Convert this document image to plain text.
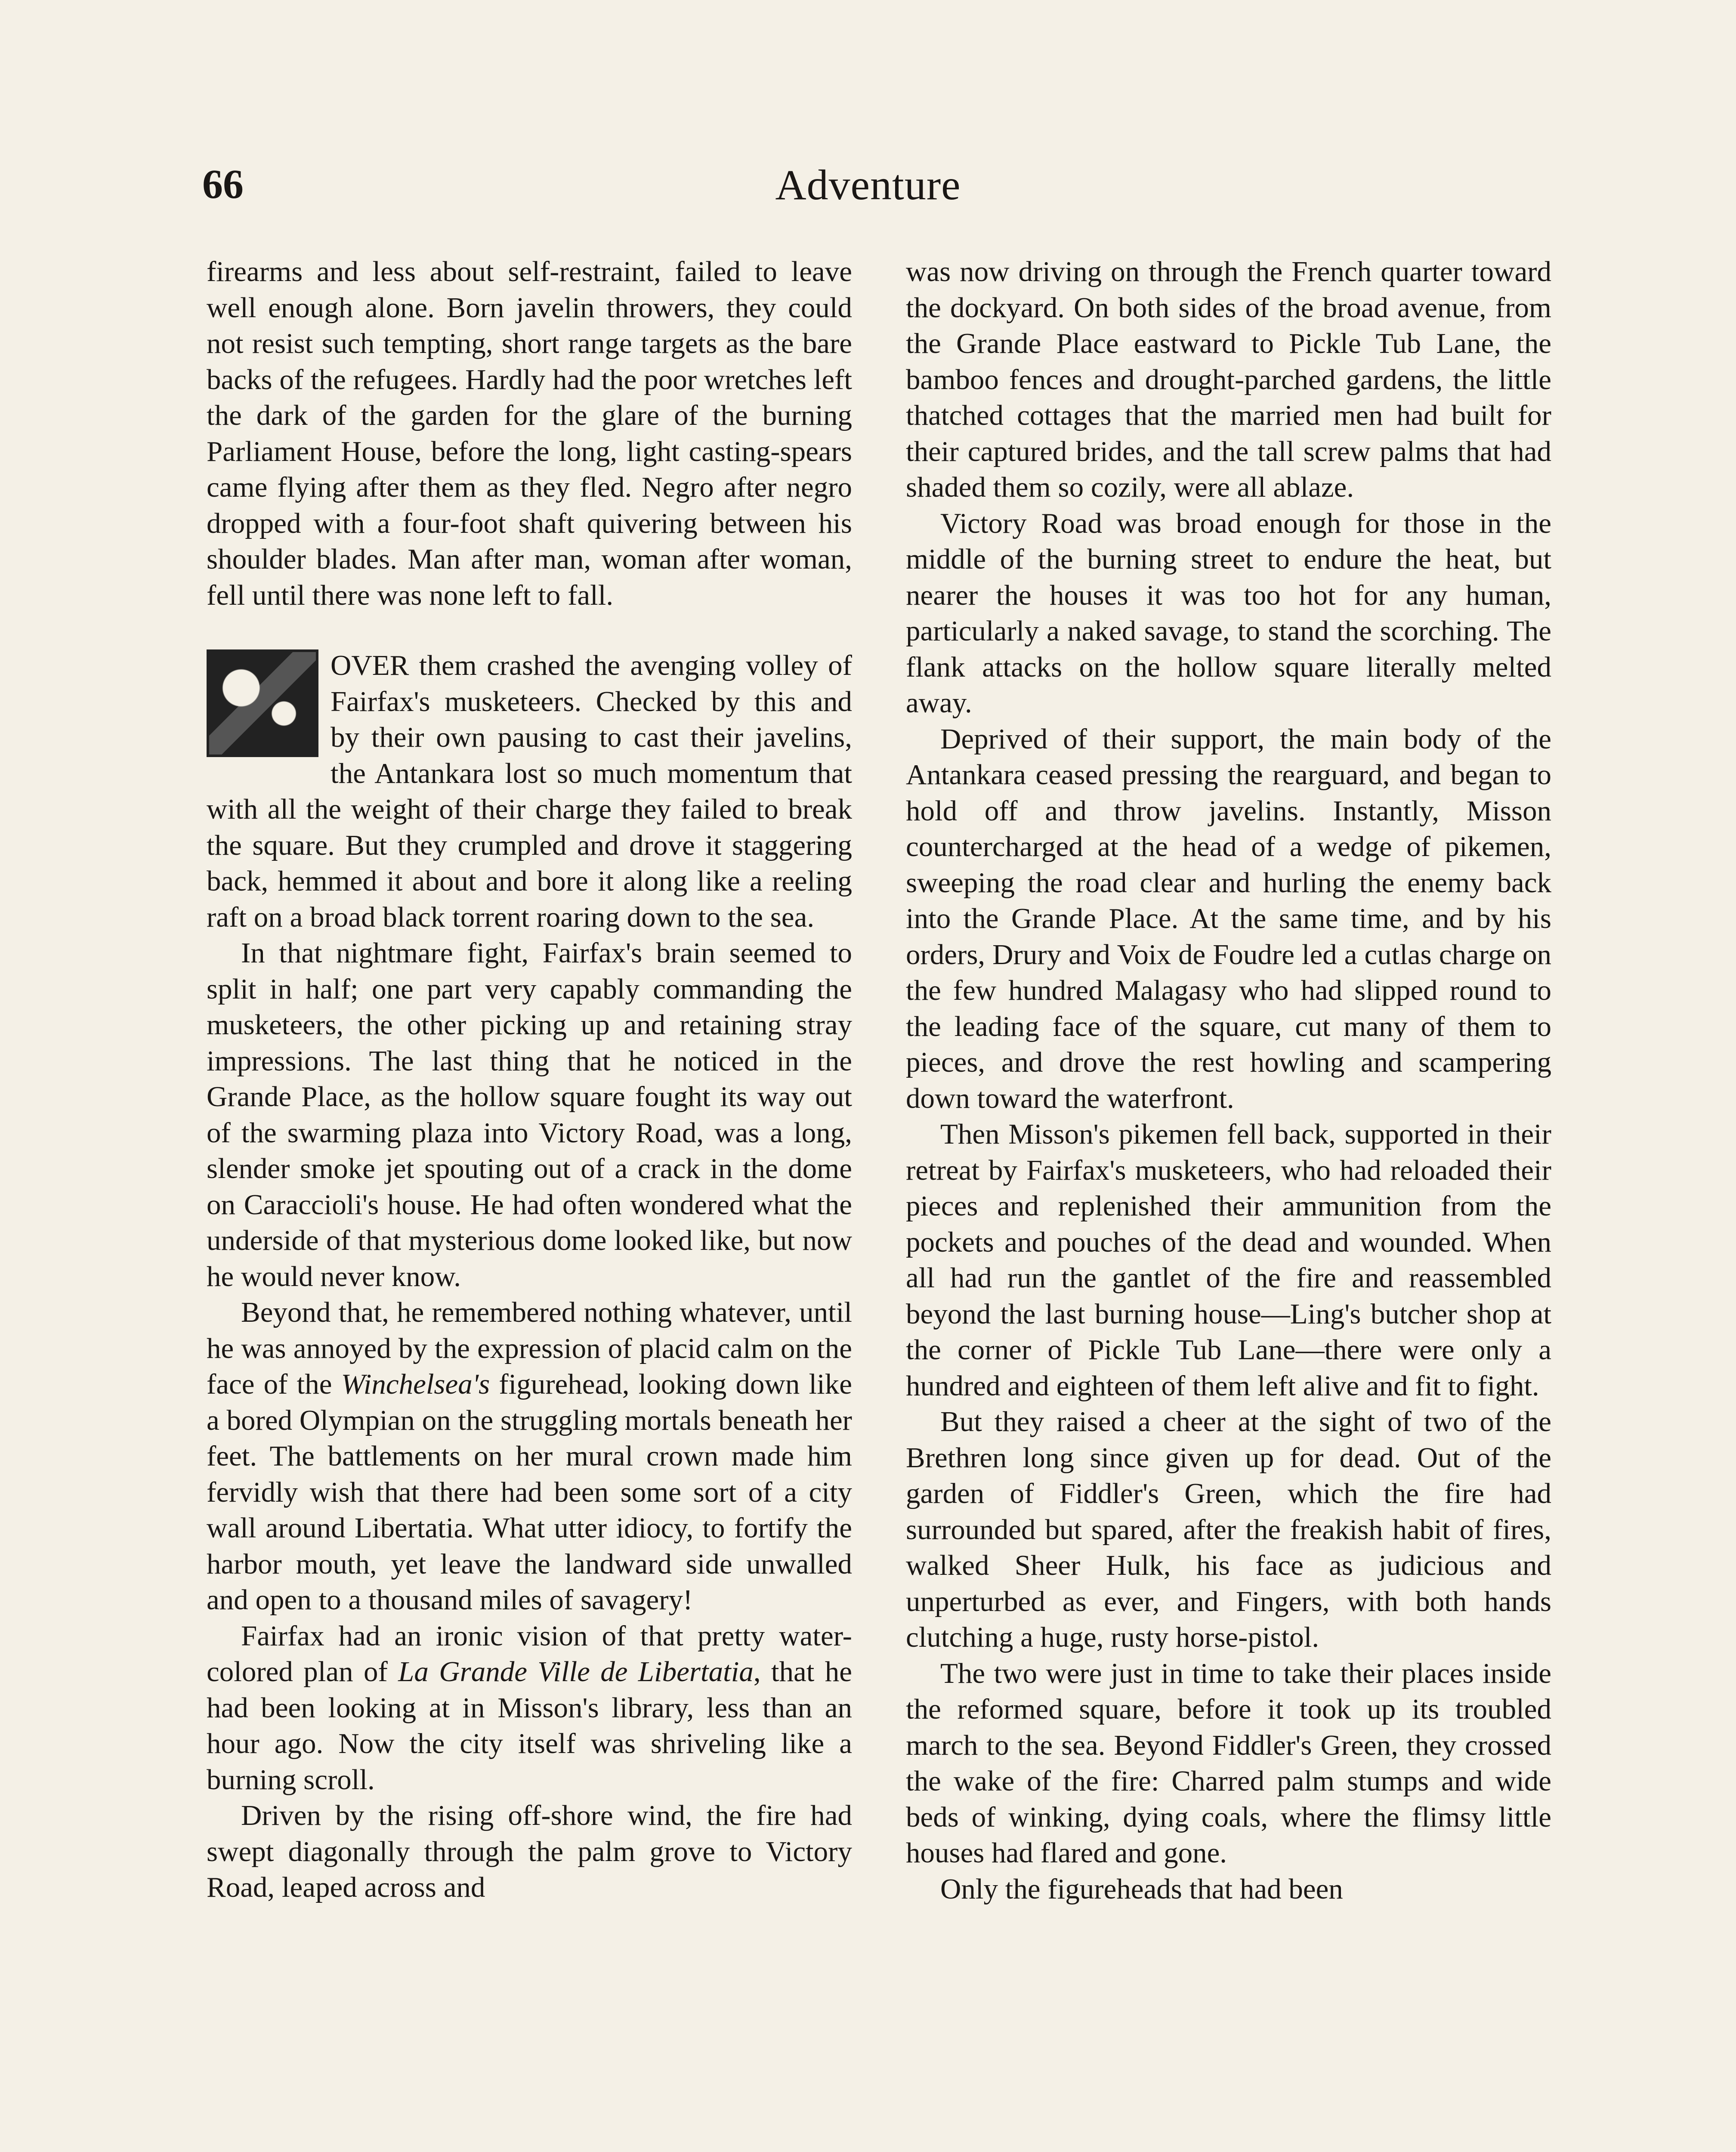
66	Adventure

firearms and less about self-restraint, failed to leave well enough alone. Born javelin throwers, they could not resist such tempting, short range targets as the bare backs of the refugees. Hardly had the poor wretches left the dark of the garden for the glare of the burning Parliament House, before the long, light casting-spears came flying after them as they fled. Negro after negro dropped with a four-foot shaft quivering between his shoulder blades. Man after man, woman after woman, fell until there was none left to fall.

OVER them crashed the avenging volley of Fairfax's musketeers. Checked by this and by their own pausing to cast their javelins, the Antankara lost so much momentum that with all the weight of their charge they failed to break the square. But they crumpled and drove it staggering back, hemmed it about and bore it along like a reeling raft on a broad black torrent roaring down to the sea.

In that nightmare fight, Fairfax's brain seemed to split in half; one part very capably commanding the musketeers, the other picking up and retaining stray impressions. The last thing that he noticed in the Grande Place, as the hollow square fought its way out of the swarming plaza into Victory Road, was a long, slender smoke jet spouting out of a crack in the dome on Caraccioli's house. He had often wondered what the underside of that mysterious dome looked like, but now he would never know.

Beyond that, he remembered nothing whatever, until he was annoyed by the expression of placid calm on the face of the Winchelsea's figurehead, looking down like a bored Olympian on the struggling mortals beneath her feet. The battlements on her mural crown made him fervidly wish that there had been some sort of a city wall around Libertatia. What utter idiocy, to fortify the harbor mouth, yet leave the landward side unwalled and open to a thousand miles of savagery!

Fairfax had an ironic vision of that pretty water-colored plan of La Grande Ville de Libertatia, that he had been looking at in Misson's library, less than an hour ago. Now the city itself was shriveling like a burning scroll.

Driven by the rising off-shore wind, the fire had swept diagonally through the palm grove to Victory Road, leaped across and

was now driving on through the French quarter toward the dockyard. On both sides of the broad avenue, from the Grande Place eastward to Pickle Tub Lane, the bamboo fences and drought-parched gardens, the little thatched cottages that the married men had built for their captured brides, and the tall screw palms that had shaded them so cozily, were all ablaze.

Victory Road was broad enough for those in the middle of the burning street to endure the heat, but nearer the houses it was too hot for any human, particularly a naked savage, to stand the scorching. The flank attacks on the hollow square literally melted away.

Deprived of their support, the main body of the Antankara ceased pressing the rearguard, and began to hold off and throw javelins. Instantly, Misson countercharged at the head of a wedge of pikemen, sweeping the road clear and hurling the enemy back into the Grande Place. At the same time, and by his orders, Drury and Voix de Foudre led a cutlas charge on the few hundred Malagasy who had slipped round to the leading face of the square, cut many of them to pieces, and drove the rest howling and scampering down toward the waterfront.

Then Misson's pikemen fell back, supported in their retreat by Fairfax's musketeers, who had reloaded their pieces and replenished their ammunition from the pockets and pouches of the dead and wounded. When all had run the gantlet of the fire and reassembled beyond the last burning house—Ling's butcher shop at the corner of Pickle Tub Lane—there were only a hundred and eighteen of them left alive and fit to fight.

But they raised a cheer at the sight of two of the Brethren long since given up for dead. Out of the garden of Fiddler's Green, which the fire had surrounded but spared, after the freakish habit of fires, walked Sheer Hulk, his face as judicious and unperturbed as ever, and Fingers, with both hands clutching a huge, rusty horse-pistol.

The two were just in time to take their places inside the reformed square, before it took up its troubled march to the sea. Beyond Fiddler's Green, they crossed the wake of the fire: Charred palm stumps and wide beds of winking, dying coals, where the flimsy little houses had flared and gone.

Only the figureheads that had been
